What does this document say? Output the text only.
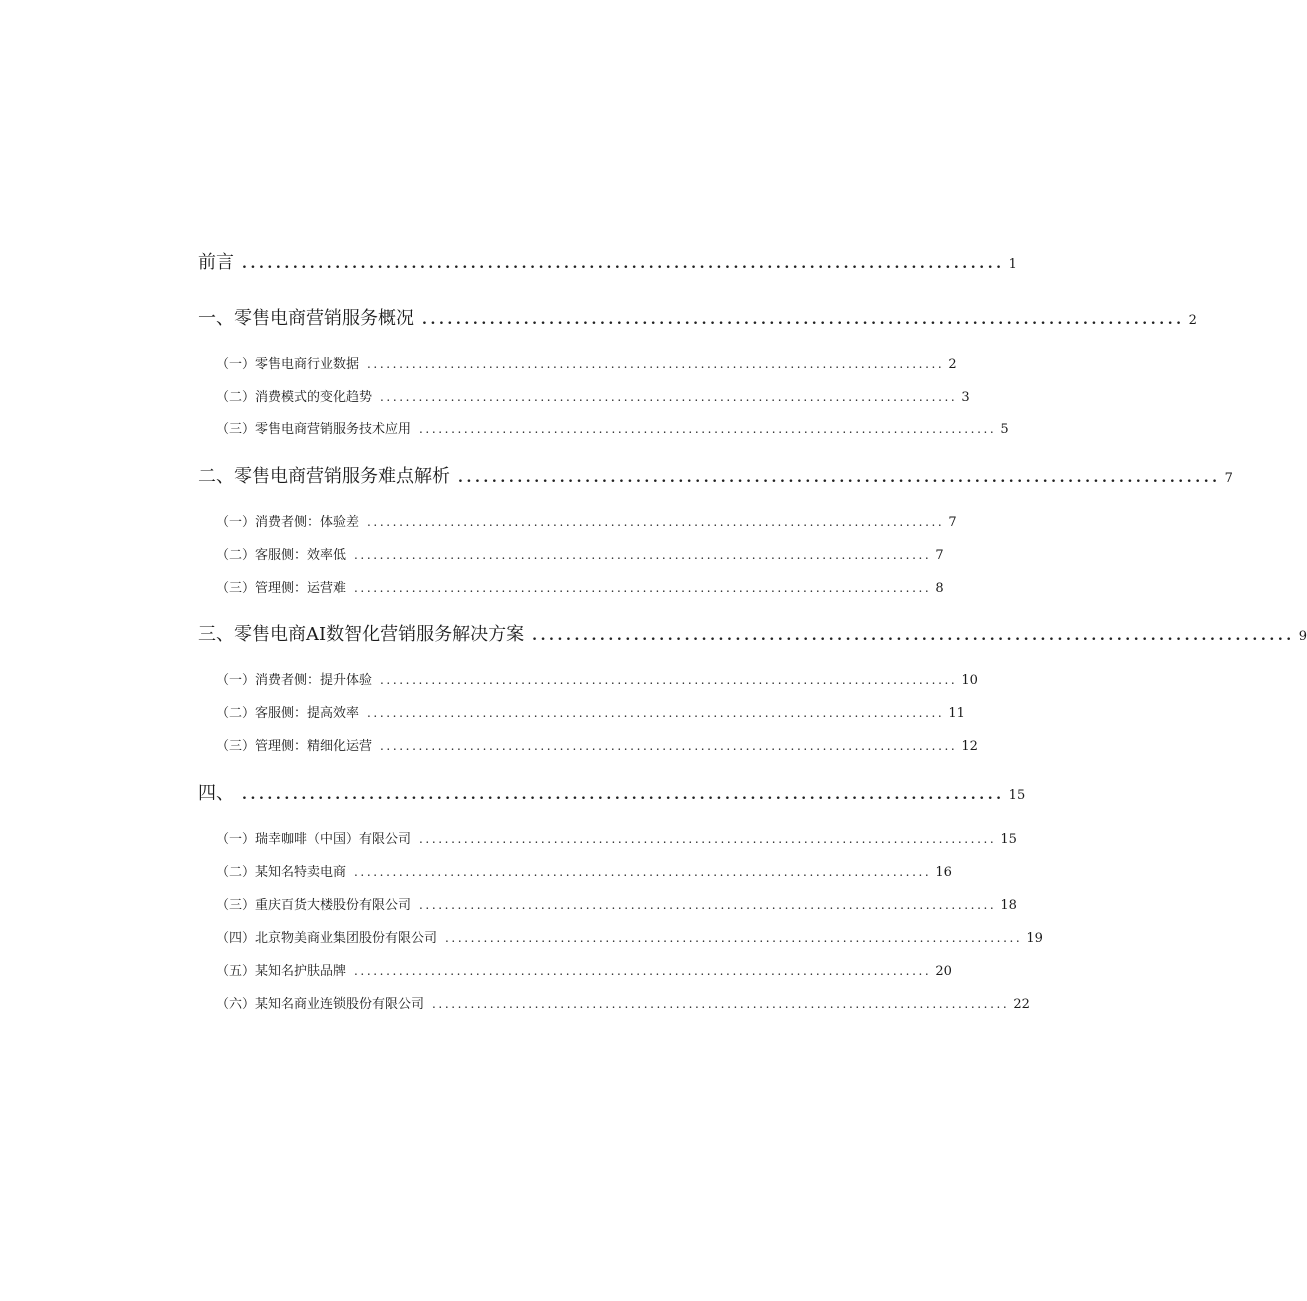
前言 .......................................................................................... 1
一、零售电商营销服务概况 .......................................................................................... 2
（一）零售电商行业数据 .......................................................................................... 2
（二）消费模式的变化趋势 .......................................................................................... 3
（三）零售电商营销服务技术应用 .......................................................................................... 5
二、零售电商营销服务难点解析 .......................................................................................... 7
（一）消费者侧：体验差 .......................................................................................... 7
（二）客服侧：效率低 .......................................................................................... 7
（三）管理侧：运营难 .......................................................................................... 8
三、零售电商AI数智化营销服务解决方案 .......................................................................................... 9
（一）消费者侧：提升体验 .......................................................................................... 10
（二）客服侧：提高效率 .......................................................................................... 11
（三）管理侧：精细化运营 .......................................................................................... 12
四、 .......................................................................................... 15
（一）瑞幸咖啡（中国）有限公司 .......................................................................................... 15
（二）某知名特卖电商 .......................................................................................... 16
（三）重庆百货大楼股份有限公司 .......................................................................................... 18
（四）北京物美商业集团股份有限公司 .......................................................................................... 19
（五）某知名护肤品牌 .......................................................................................... 20
（六）某知名商业连锁股份有限公司 .......................................................................................... 22
